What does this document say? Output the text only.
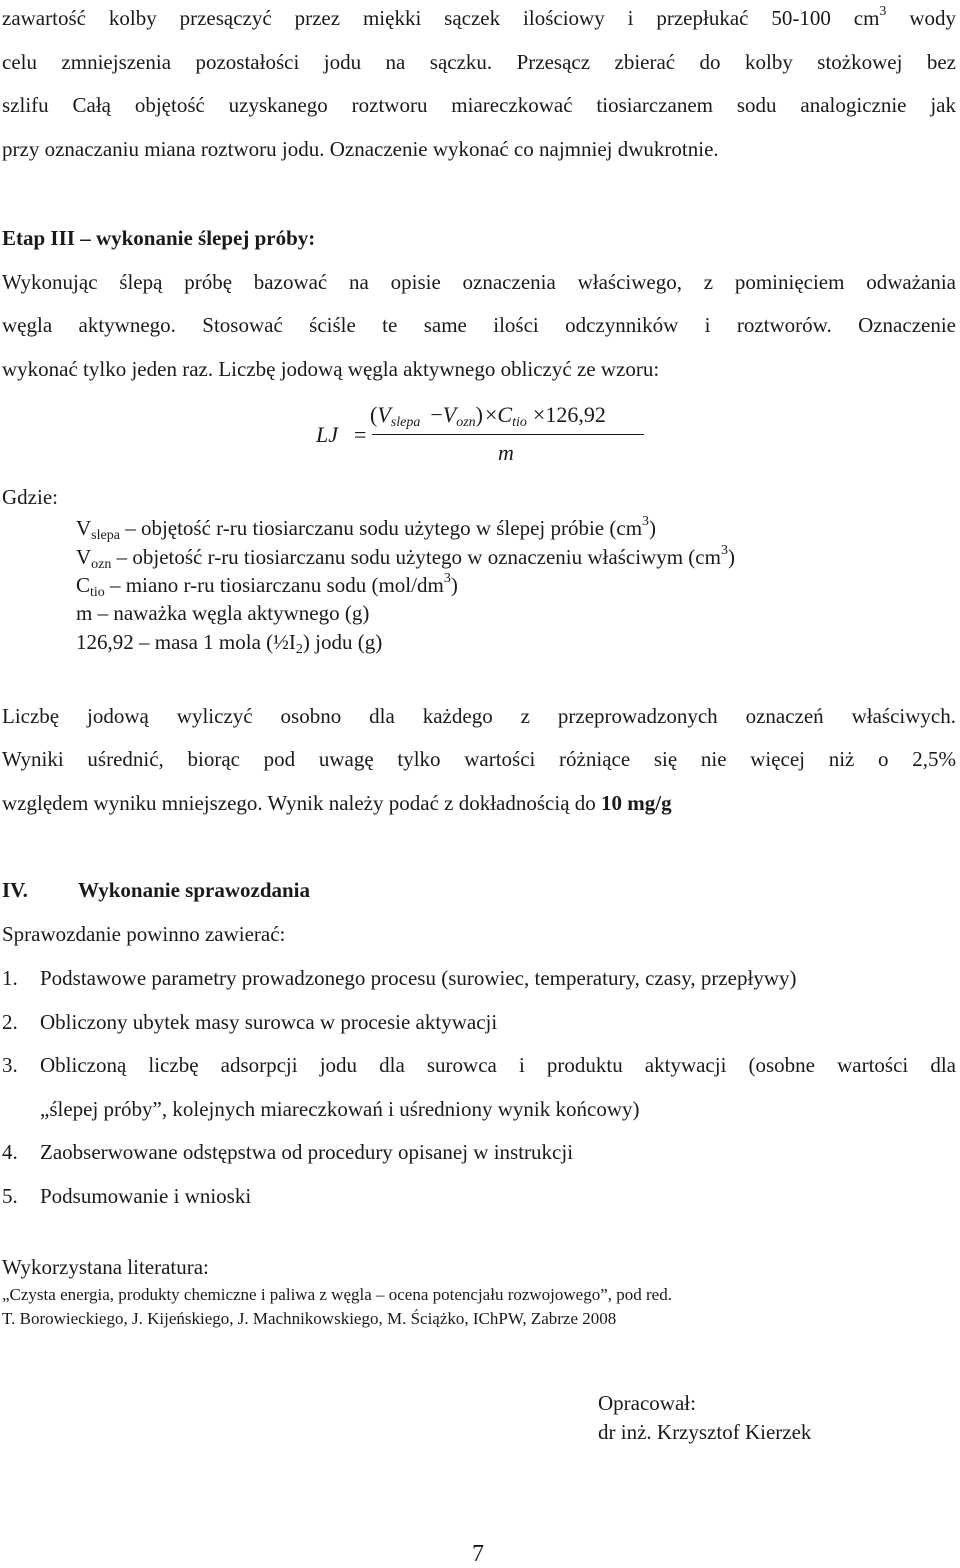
zawartość kolby przesączyć przez miękki sączek ilościowy i przepłukać 50-100 $cm^3$ wody
celu zmniejszenia pozostałości jodu na sączku. Przesącz zbierać do kolby stożkowej bez
szlifu Całą objętość uzyskanego roztworu miareczkować tiosiarczanem sodu analogicznie jak
przy oznaczaniu miana roztworu jodu. Oznaczenie wykonać co najmniej dwukrotnie.
Etap III – wykonanie ślepej próby:
Wykonując ślepą próbę bazować na opisie oznaczenia właściwego, z pominięciem odważania
węgla aktywnego. Stosować ściśle te same ilości odczynników i roztworów. Oznaczenie
wykonać tylko jeden raz. Liczbę jodową węgla aktywnego obliczyć ze wzoru:
LJ =
$(V_{slepa} -V_{ozn})\times C_{tio} \times 126,92$
m
Gdzie:
$V_{slepa}$ – objętość r-ru tiosiarczanu sodu użytego w ślepej próbie $(cm^3)$
$V_{ozn}$ – objetość r-ru tiosiarczanu sodu użytego w oznaczeniu właściwym $(cm^3)$
$C_{tio}$ – miano r-ru tiosiarczanu sodu $(mol/dm^3)$
m – naważka węgla aktywnego (g)
126,92 – masa 1 mola $(\frac{1}{2}I_2)$ jodu (g)
Liczbę jodową wyliczyć osobno dla każdego z przeprowadzonych oznaczeń właściwych.
Wyniki uśrednić, biorąc pod uwagę tylko wartości różniące się nie więcej niż o 2,5%
względem wyniku mniejszego. Wynik należy podać z dokładnością do 10 mg/g
IV. Wykonanie sprawozdania
Sprawozdanie powinno zawierać:
1. Podstawowe parametry prowadzonego procesu (surowiec, temperatury, czasy, przepływy)
2. Obliczony ubytek masy surowca w procesie aktywacji
3. Obliczoną liczbę adsorpcji jodu dla surowca i produktu aktywacji (osobne wartości dla
„ślepej próby”, kolejnych miareczkowań i uśredniony wynik końcowy)
4. Zaobserwowane odstępstwa od procedury opisanej w instrukcji
5. Podsumowanie i wnioski
Wykorzystana literatura:
„Czysta energia, produkty chemiczne i paliwa z węgla – ocena potencjału rozwojowego”, pod red.
T. Borowieckiego, J. Kijeńskiego, J. Machnikowskiego, M. Ściążko, IChPW, Zabrze 2008
Opracował:
dr inż. Krzysztof Kierzek
7
